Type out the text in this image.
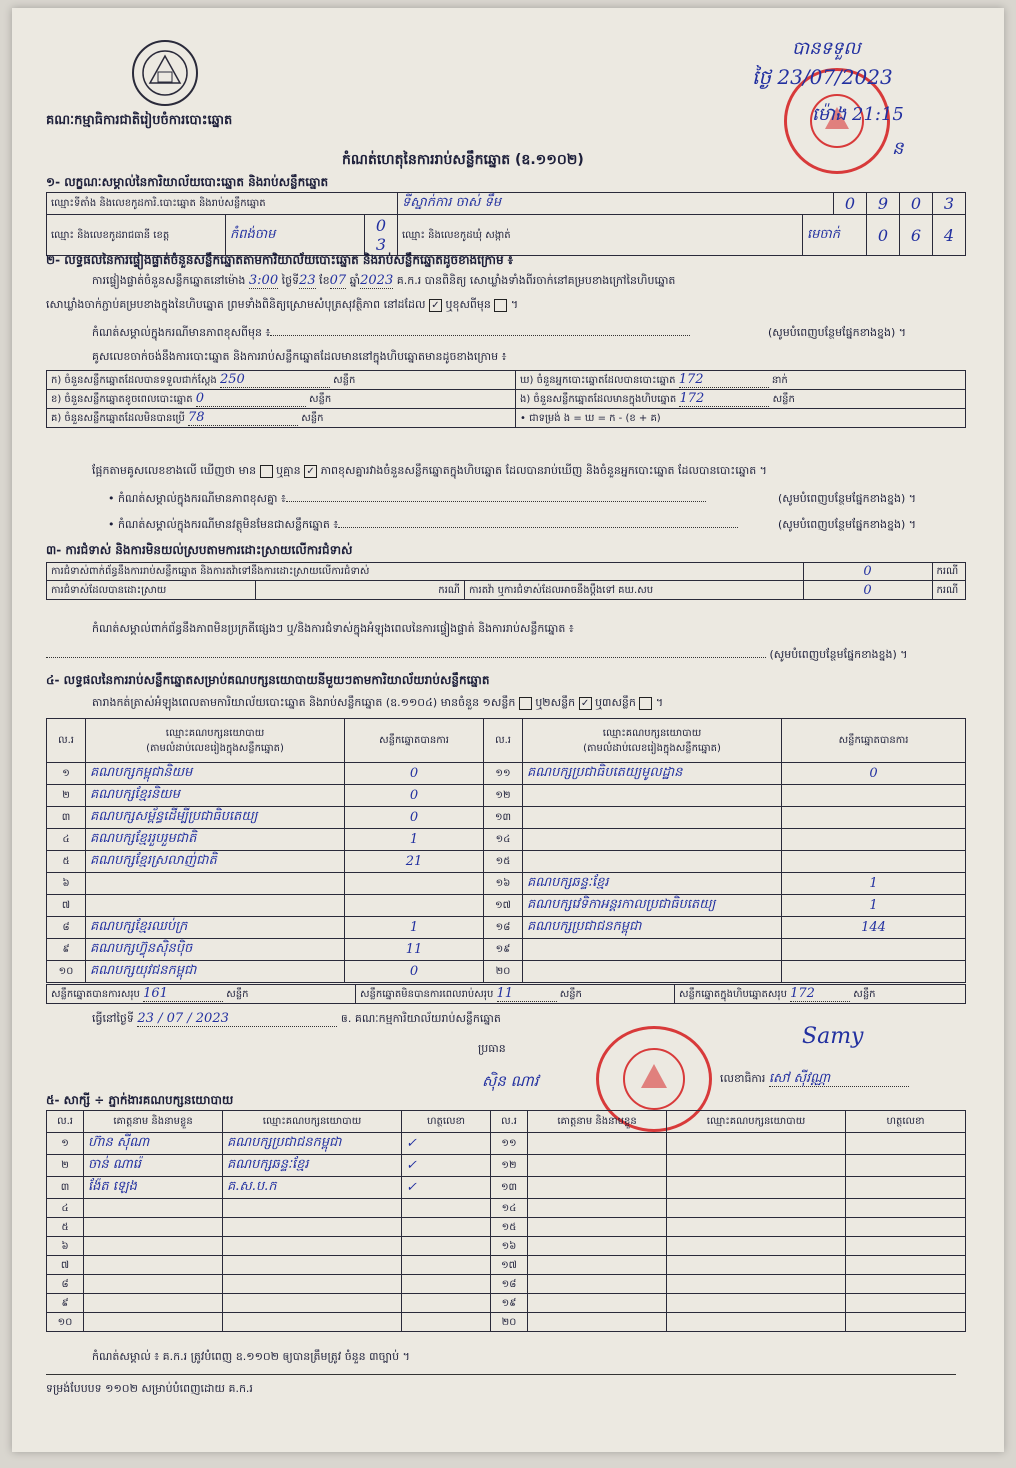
គណៈកម្មាធិការជាតិរៀបចំការបោះឆ្នោត
បានទទួល
ថ្ងៃ 23/07/2023
ម៉ោង 21:15
ន
កំណត់ហេតុនៃការរាប់សន្លឹកឆ្នោត (ឧ.១១០២)
១- លក្ខណៈសម្គាល់នៃការិយាល័យបោះឆ្នោត និងរាប់សន្លឹកឆ្នោត
ឈ្មោះទីតាំង និងលេខកូដការិ.បោះឆ្នោត និងរាប់សន្លឹកឆ្នោត			ទីស្នាក់ការ ចាស់ ទឹម		0	9	0	3
ឈ្មោះ និងលេខកូដរាជធានី ខេត្ត	កំពង់ចាម	0 3	ឈ្មោះ និងលេខកូដឃុំ សង្កាត់	មេចាក់		0	6	4
២- លទ្ធផលនៃការផ្ទៀងផ្ទាត់ចំនួនសន្លឹកឆ្នោតតាមការិយាល័យបោះឆ្នោត និងរាប់សន្លឹកឆ្នោតដូចខាងក្រោម ៖
ការផ្ទៀងផ្ទាត់ចំនួនសន្លឹកឆ្នោតនៅម៉ោង 3:00 ថ្ងៃទី23 ខែ07 ឆ្នាំ2023 គ.ក.រ បានពិនិត្យ សោឃ្លាំងទាំងពីរចាក់នៅគម្របខាងក្រៅនៃហិបឆ្នោត
សោឃ្លាំងចាក់ភ្ជាប់គម្របខាងក្នុងនៃហិបឆ្នោត ព្រមទាំងពិនិត្យស្រោមសំបុត្រសុវត្ថិភាព នៅដដែល ✓ ឬខុសពីមុន  ។
កំណត់សម្គាល់ក្នុងករណីមានភាពខុសពីមុន ៖	(សូមបំពេញបន្ថែមផ្នែកខាងខ្នង) ។
គូសលេខចាក់ចង់នឹងការបោះឆ្នោត និងការរាប់សន្លឹកឆ្នោតដែលមាននៅក្នុងហិបឆ្នោតមានដូចខាងក្រោម ៖
ក) ចំនួនសន្លឹកឆ្នោតដែលបានទទួលជាក់ស្តែង 250 សន្លឹក	ឃ) ចំនួនអ្នកបោះឆ្នោតដែលបានបោះឆ្នោត 172 នាក់
ខ) ចំនួនសន្លឹកឆ្នោតខូចពេលបោះឆ្នោត 0 សន្លឹក	ង) ចំនួនសន្លឹកឆ្នោតដែលមានក្នុងហិបឆ្នោត 172 សន្លឹក
គ) ចំនួនសន្លឹកឆ្នោតដែលមិនបានប្រើ 78 សន្លឹក	• ជាទម្រង់ ង = ឃ = ក - (ខ + គ)
ផ្អែកតាមគូសលេខខាងលើ ឃើញថា មាន ឬគ្មាន ✓ ភាពខុសគ្នារវាងចំនួនសន្លឹកឆ្នោតក្នុងហិបឆ្នោត ដែលបានរាប់ឃើញ និងចំនួនអ្នកបោះឆ្នោត ដែលបានបោះឆ្នោត ។
• កំណត់សម្គាល់ក្នុងករណីមានភាពខុសគ្នា ៖	(សូមបំពេញបន្ថែមផ្នែកខាងខ្នង) ។
• កំណត់សម្គាល់ក្នុងករណីមានវត្ថុមិនមែនជាសន្លឹកឆ្នោត ៖	(សូមបំពេញបន្ថែមផ្នែកខាងខ្នង) ។
៣- ការជំទាស់ និងការមិនយល់ស្របតាមការដោះស្រាយលើការជំទាស់
ការជំទាស់ពាក់ព័ន្ធនឹងការរាប់សន្លឹកឆ្នោត និងការតវ៉ាទៅនឹងការដោះស្រាយលើការជំទាស់			0	ករណី
ការជំទាស់ដែលបានដោះស្រាយ	ករណី	ការតវ៉ា ឬការជំទាស់ដែលអាចនឹងប្ដឹងទៅ គឃ.សប	0	ករណី
កំណត់សម្គាល់ពាក់ព័ន្ធនឹងភាពមិនប្រក្រតីផ្សេងៗ ឬ/និងការជំទាស់ក្នុងអំឡុងពេលនៃការផ្ទៀងផ្ទាត់ និងការរាប់សន្លឹកឆ្នោត ៖
(សូមបំពេញបន្ថែមផ្នែកខាងខ្នង) ។
៤- លទ្ធផលនៃការរាប់សន្លឹកឆ្នោតសម្រាប់គណបក្សនយោបាយនីមួយៗតាមការិយាល័យរាប់សន្លឹកឆ្នោត
តារាងកត់ត្រាស់អំឡុងពេលតាមការិយាល័យបោះឆ្នោត និងរាប់សន្លឹកឆ្នោត (ឧ.១១០៤) មានចំនួន ១សន្លឹក ឬ២សន្លឹក ✓ ឬ៣សន្លឹក  ។
ល.រ	ឈ្មោះគណបក្សនយោបាយ
(តាមលំដាប់លេខរៀងក្នុងសន្លឹកឆ្នោត)	សន្លឹកឆ្នោតបានការ	ល.រ	ឈ្មោះគណបក្សនយោបាយ
(តាមលំដាប់លេខរៀងក្នុងសន្លឹកឆ្នោត)	សន្លឹកឆ្នោតបានការ
១	គណបក្សកម្ពុជានិយម	0	១១	គណបក្សប្រជាធិបតេយ្យមូលដ្ឋាន	0
២	គណបក្សខ្មែរនិយម	0	១២		
៣	គណបក្សសម្ព័ន្ធដើម្បីប្រជាធិបតេយ្យ	0	១៣		
៤	គណបក្សខ្មែររួបរួមជាតិ	1	១៤		
៥	គណបក្សខ្មែរស្រលាញ់ជាតិ	21	១៥		
៦			១៦	គណបក្សឆន្ទៈខ្មែរ	1
៧			១៧	គណបក្សវេទិកាអន្តរកាលប្រជាធិបតេយ្យ	1
៨	គណបក្សខ្មែរឈប់ក្រ	1	១៨	គណបក្សប្រជាជនកម្ពុជា	144
៩	គណបក្សហ៊្វុនស៊ិនប៉ិច	11	១៩		
១០	គណបក្សយុវជនកម្ពុជា	0	២០		
សន្លឹកឆ្នោតបានការសរុប 161	សន្លឹក	សន្លឹកឆ្នោតមិនបានការពេលរាប់សរុប 11	សន្លឹក	សន្លឹកឆ្នោតក្នុងហិបឆ្នោតសរុប 172	សន្លឹក
ធ្វើនៅថ្ងៃទី 23 / 07 / 2023	ឲ. គណៈកម្មការិយាល័យរាប់សន្លឹកឆ្នោត
ប្រធាន
ស៊ិន ណាវ
Samy
លេខាធិការ សៅ ស៊ីវណ្ណា
៥- សាក្សី ÷ ភ្នាក់ងារគណបក្សនយោបាយ
ល.រ	គោត្តនាម និងនាមខ្លួន	ឈ្មោះគណបក្សនយោបាយ	ហត្ថលេខា	ល.រ	គោត្តនាម និងនាមខ្លួន	ឈ្មោះគណបក្សនយោបាយ	ហត្ថលេខា
១	ហ៊ាន ស៊ីណា	គណបក្សប្រជាជនកម្ពុជា	✓	១១			
២	ចាន់ ណារ៉េ	គណបក្សឆន្ទៈខ្មែរ	✓	១២			
៣	ង៉ែត ឡេង	គ.ស.ប.ក	✓	១៣			
៤				១៤			
៥				១៥			
៦				១៦			
៧				១៧			
៨				១៨			
៩				១៩			
១០				២០			
កំណត់សម្គាល់ ៖ គ.ក.រ ត្រូវបំពេញ ឧ.១១០២ ឲ្យបានត្រឹមត្រូវ ចំនួន ៣ច្បាប់ ។
ទម្រង់បែបបទ ១១០២ សម្រាប់បំពេញដោយ គ.ក.រ
